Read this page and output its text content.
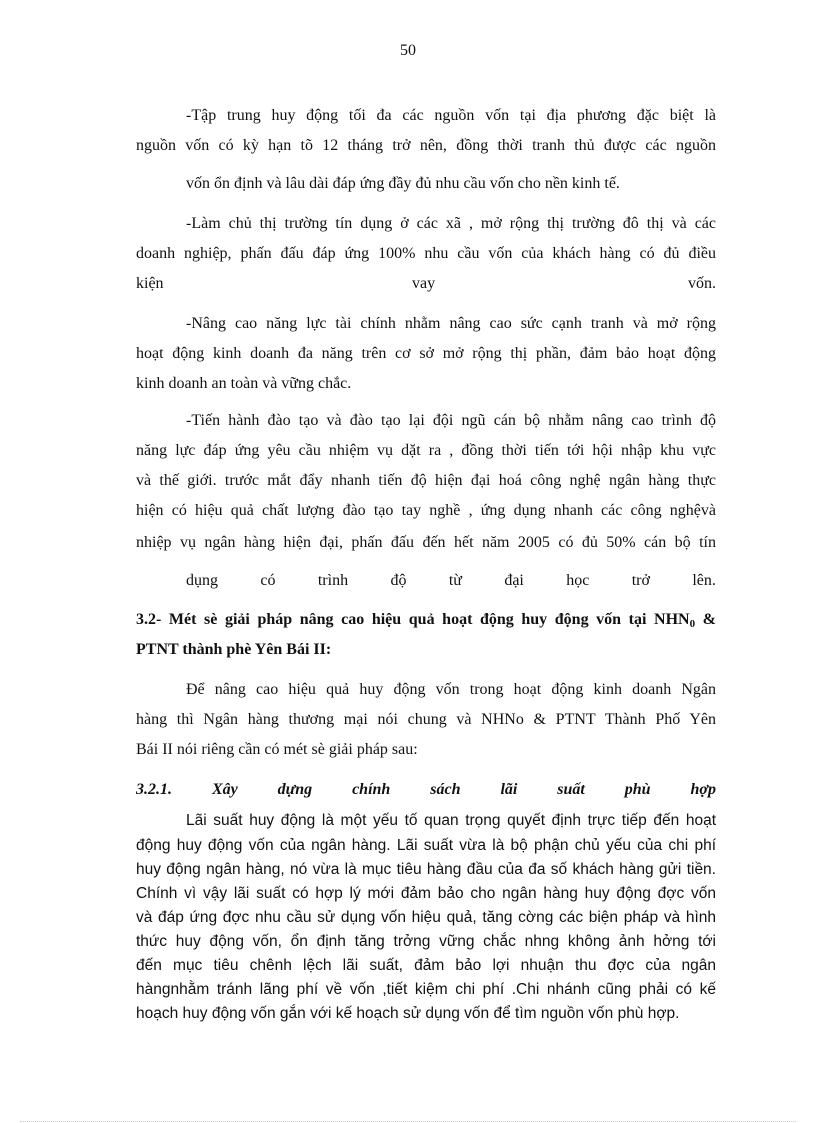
50
-Tập trung huy động tối đa các nguồn vốn tại địa phương đặc biệt là
nguồn vốn có kỳ hạn tõ 12 tháng trở nên, đồng thời tranh thủ được các nguồn
vốn ổn định và lâu dài đáp ứng đầy đủ nhu cầu vốn cho nền kinh tế.
-Làm chủ thị trường tín dụng ở các xã , mở rộng thị trường đô thị và các
doanh nghiệp, phấn đấu đáp ứng 100% nhu cầu vốn của khách hàng có đủ điều
kiện	vay	vốn.
-Nâng cao năng lực tài chính nhằm nâng cao sức cạnh tranh và mở rộng
hoạt động kinh doanh đa năng trên cơ sở mở rộng thị phần, đảm bảo hoạt động
kinh doanh an toàn và vững chắc.
-Tiến hành đào tạo và đào tạo lại đội ngũ cán bộ nhằm nâng cao trình độ
năng lực đáp ứng yêu cầu nhiệm vụ dặt ra , đồng thời tiến tới hội nhập khu vực
và thế giới. trước mắt đẩy nhanh tiến độ hiện đại hoá công nghệ ngân hàng thực
hiện có hiệu quả chất lượng đào tạo tay nghề , ứng dụng nhanh các công nghệvà
nhiệp vụ ngân hàng hiện đại, phấn đấu đến hết năm 2005 có đủ 50% cán bộ tín
dụng	có	trình	độ	từ	đại	học	trở	lên.
3.2- Mét sè giải pháp nâng cao hiệu quả hoạt động huy động vốn tại $NHN_0$ &
PTNT thành phè Yên Bái II:
Để nâng cao hiệu quả huy động vốn trong hoạt động kinh doanh Ngân
hàng thì Ngân hàng thương mại nói chung và NHNo & PTNT Thành Phố Yên
Bái II nói riêng cần có mét sè giải pháp sau:
3.2.1. Xây dựng chính sách lãi suất phù hợp
Lãi suất huy động là một yếu tố quan trọng quyết định trực tiếp đến hoạt
động huy động vốn của ngân hàng. Lãi suất vừa là bộ phận chủ yếu của chi phí
huy động ngân hàng, nó vừa là mục tiêu hàng đầu của đa số khách hàng gửi tiền.
Chính vì vậy lãi suất có hợp lý mới đảm bảo cho ngân hàng huy động đợc vốn
và đáp ứng đợc nhu cầu sử dụng vốn hiệu quả, tăng cờng các biện pháp và hình
thức huy động vốn, ổn định tăng trởng vững chắc nhng không ảnh hởng tới
đến mục tiêu chênh lệch lãi suất, đảm bảo lợi nhuận thu đợc của ngân
hàngnhằm tránh lãng phí về vốn ,tiết kiệm chi phí .Chi nhánh cũng phải có kế
hoạch huy động vốn gắn với kế hoạch sử dụng vốn để tìm nguồn vốn phù hợp.
